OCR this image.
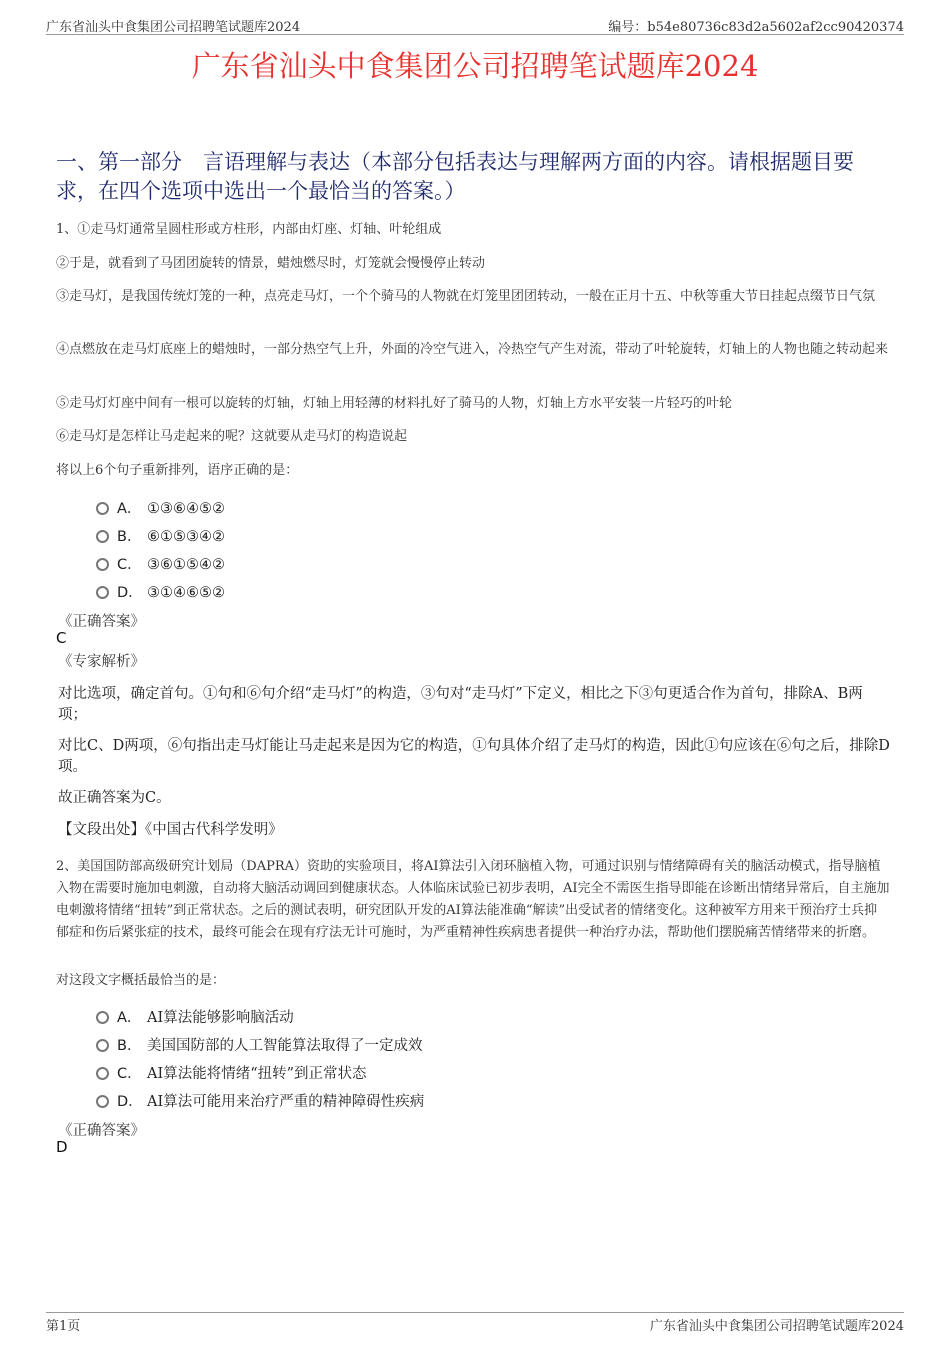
广东省汕头中食集团公司招聘笔试题库2024	编号：b54e80736c83d2a5602af2cc90420374
广东省汕头中食集团公司招聘笔试题库2024
一、第一部分　言语理解与表达（本部分包括表达与理解两方面的内容。请根据题目要求，在四个选项中选出一个最恰当的答案。）
1、①走马灯通常呈圆柱形或方柱形，内部由灯座、灯轴、叶轮组成
②于是，就看到了马团团旋转的情景，蜡烛燃尽时，灯笼就会慢慢停止转动
③走马灯，是我国传统灯笼的一种，点亮走马灯，一个个骑马的人物就在灯笼里团团转动，一般在正月十五、中秋等重大节日挂起点缀节日气氛
④点燃放在走马灯底座上的蜡烛时，一部分热空气上升，外面的冷空气进入，冷热空气产生对流，带动了叶轮旋转，灯轴上的人物也随之转动起来
⑤走马灯灯座中间有一根可以旋转的灯轴，灯轴上用轻薄的材料扎好了骑马的人物，灯轴上方水平安装一片轻巧的叶轮
⑥走马灯是怎样让马走起来的呢？这就要从走马灯的构造说起
将以上6个句子重新排列，语序正确的是：
A． ①③⑥④⑤②
B． ⑥①⑤③④②
C． ③⑥①⑤④②
D． ③①④⑥⑤②
《正确答案》
C
《专家解析》
对比选项，确定首句。①句和⑥句介绍“走马灯”的构造，③句对“走马灯”下定义，相比之下③句更适合作为首句，排除A、B两项；
对比C、D两项，⑥句指出走马灯能让马走起来是因为它的构造，①句具体介绍了走马灯的构造，因此①句应该在⑥句之后，排除D项。
故正确答案为C。
【文段出处】《中国古代科学发明》
2、美国国防部高级研究计划局（DAPRA）资助的实验项目，将AI算法引入闭环脑植入物，可通过识别与情绪障碍有关的脑活动模式，指导脑植入物在需要时施加电刺激，自动将大脑活动调回到健康状态。人体临床试验已初步表明，AI完全不需医生指导即能在诊断出情绪异常后，自主施加电刺激将情绪“扭转”到正常状态。之后的测试表明，研究团队开发的AI算法能准确“解读”出受试者的情绪变化。这种被军方用来干预治疗士兵抑郁症和伤后紧张症的技术，最终可能会在现有疗法无计可施时，为严重精神性疾病患者提供一种治疗办法，帮助他们摆脱痛苦情绪带来的折磨。
对这段文字概括最恰当的是：
A． AI算法能够影响脑活动
B． 美国国防部的人工智能算法取得了一定成效
C． AI算法能将情绪“扭转”到正常状态
D． AI算法可能用来治疗严重的精神障碍性疾病
《正确答案》
D
第1页	广东省汕头中食集团公司招聘笔试题库2024
